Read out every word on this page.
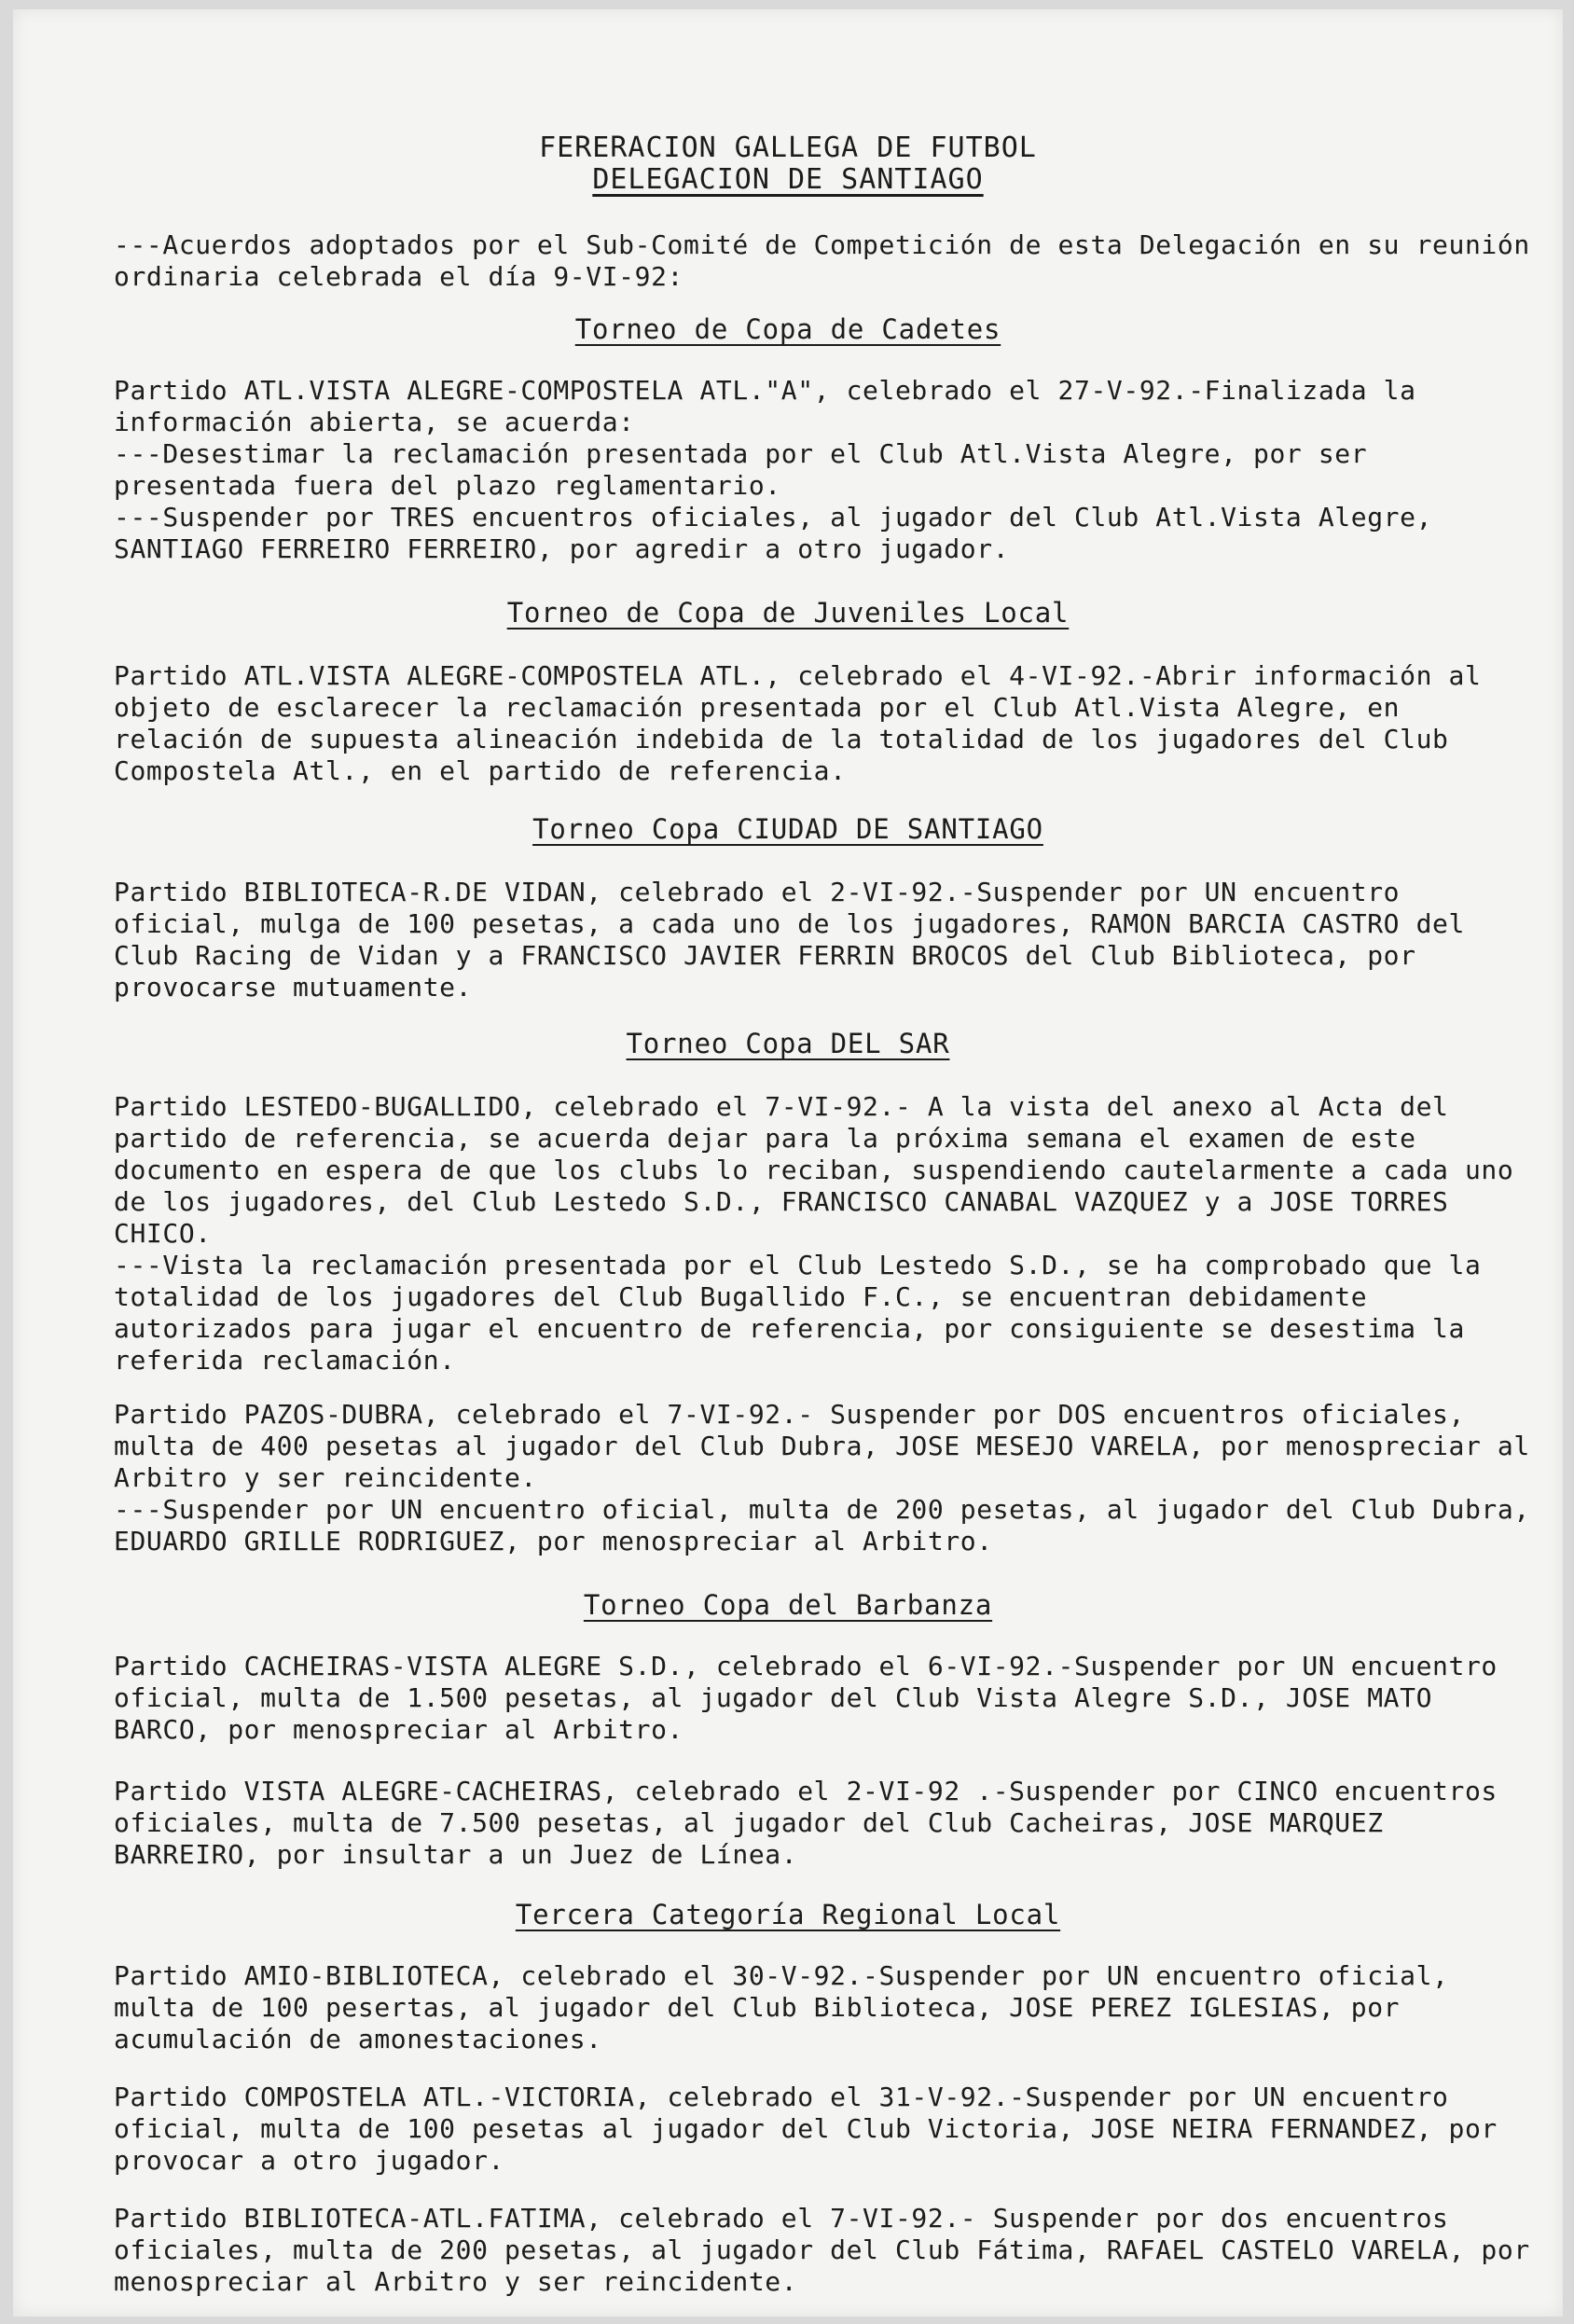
FERERACION GALLEGA DE FUTBOL
DELEGACION DE SANTIAGO

---Acuerdos adoptados por el Sub-Comité de Competición de esta Delegación en su reunión ordinaria celebrada el día 9-VI-92:

Torneo de Copa de Cadetes

Partido ATL.VISTA ALEGRE-COMPOSTELA ATL."A", celebrado el 27-V-92.-Finalizada la información abierta, se acuerda:

---Desestimar la reclamación presentada por el Club Atl.Vista Alegre, por ser presentada fuera del plazo reglamentario.

---Suspender por TRES encuentros oficiales, al jugador del Club Atl.Vista Alegre, SANTIAGO FERREIRO FERREIRO, por agredir a otro jugador.

Torneo de Copa de Juveniles Local

Partido ATL.VISTA ALEGRE-COMPOSTELA ATL., celebrado el 4-VI-92.-Abrir información al objeto de esclarecer la reclamación presentada por el Club Atl.Vista Alegre, en relación de supuesta alineación indebida de la totalidad de los jugadores del Club Compostela Atl., en el partido de referencia.

Torneo Copa CIUDAD DE SANTIAGO

Partido BIBLIOTECA-R.DE VIDAN, celebrado el 2-VI-92.-Suspender por UN encuentro oficial, mulga de 100 pesetas, a cada uno de los jugadores, RAMON BARCIA CASTRO del Club Racing de Vidan y a FRANCISCO JAVIER FERRIN BROCOS del Club Biblioteca, por provocarse mutuamente.

Torneo Copa DEL SAR

Partido LESTEDO-BUGALLIDO, celebrado el 7-VI-92.- A la vista del anexo al Acta del partido de referencia, se acuerda dejar para la próxima semana el examen de este documento en espera de que los clubs lo reciban, suspendiendo cautelarmente a cada uno de los jugadores, del Club Lestedo S.D., FRANCISCO CANABAL VAZQUEZ y a JOSE TORRES CHICO.

---Vista la reclamación presentada por el Club Lestedo S.D., se ha comprobado que la totalidad de los jugadores del Club Bugallido F.C., se encuentran debidamente autorizados para jugar el encuentro de referencia, por consiguiente se desestima la referida reclamación.

Partido PAZOS-DUBRA, celebrado el 7-VI-92.- Suspender por DOS encuentros oficiales, multa de 400 pesetas al jugador del Club Dubra, JOSE MESEJO VARELA, por menospreciar al Arbitro y ser reincidente.

---Suspender por UN encuentro oficial, multa de 200 pesetas, al jugador del Club Dubra, EDUARDO GRILLE RODRIGUEZ, por menospreciar al Arbitro.

Torneo Copa del Barbanza

Partido CACHEIRAS-VISTA ALEGRE S.D., celebrado el 6-VI-92.-Suspender por UN encuentro oficial, multa de 1.500 pesetas, al jugador del Club Vista Alegre S.D., JOSE MATO BARCO, por menospreciar al Arbitro.

Partido VISTA ALEGRE-CACHEIRAS, celebrado el 2-VI-92 .-Suspender por CINCO encuentros oficiales, multa de 7.500 pesetas, al jugador del Club Cacheiras, JOSE MARQUEZ BARREIRO, por insultar a un Juez de Línea.

Tercera Categoría Regional Local

Partido AMIO-BIBLIOTECA, celebrado el 30-V-92.-Suspender por UN encuentro oficial, multa de 100 pesertas, al jugador del Club Biblioteca, JOSE PEREZ IGLESIAS, por acumulación de amonestaciones.

Partido COMPOSTELA ATL.-VICTORIA, celebrado el 31-V-92.-Suspender por UN encuentro oficial, multa de 100 pesetas al jugador del Club Victoria, JOSE NEIRA FERNANDEZ, por provocar a otro jugador.

Partido BIBLIOTECA-ATL.FATIMA, celebrado el 7-VI-92.- Suspender por dos encuentros oficiales, multa de 200 pesetas, al jugador del Club Fátima, RAFAEL CASTELO VARELA, por menospreciar al Arbitro y ser reincidente.
